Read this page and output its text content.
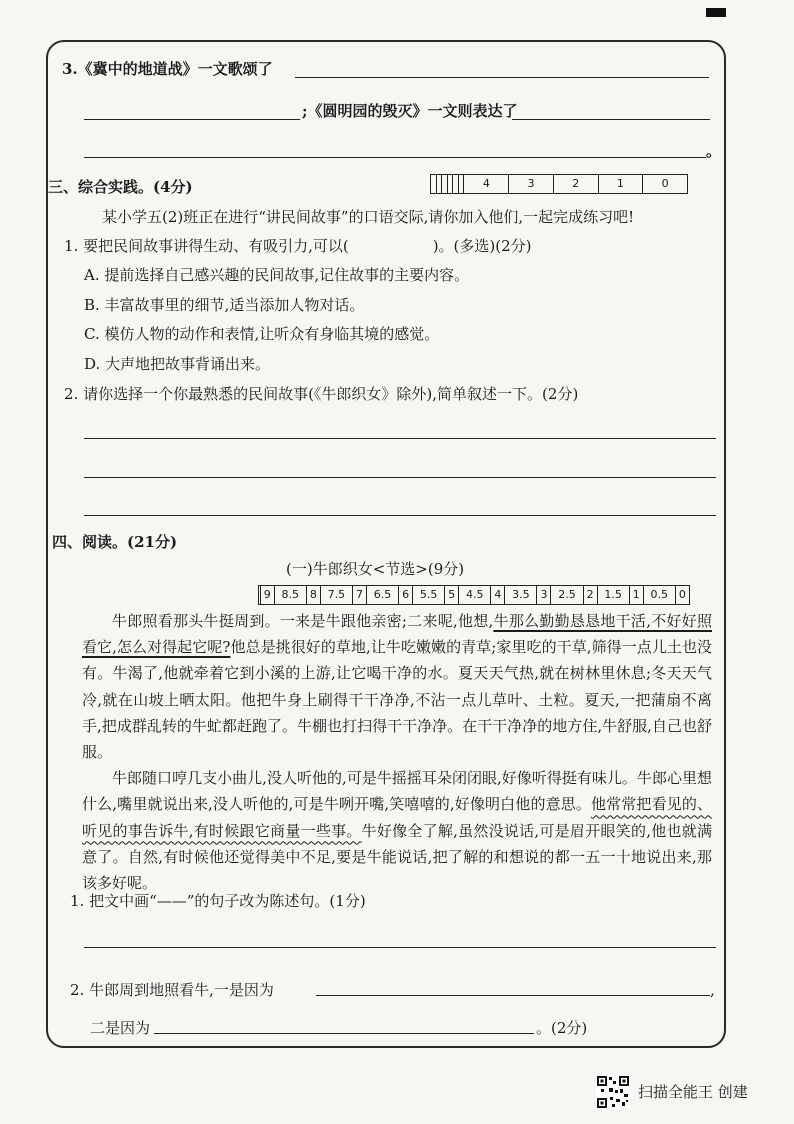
3.《冀中的地道战》一文歌颂了
;《圆明园的毁灭》一文则表达了
。
三、综合实践。(4分)
							4	3	2	1	0
某小学五(2)班正在进行“讲民间故事”的口语交际,请你加入他们,一起完成练习吧!
1. 要把民间故事讲得生动、有吸引力,可以(	)。(多选)(2分)
A. 提前选择自己感兴趣的民间故事,记住故事的主要内容。
B. 丰富故事里的细节,适当添加人物对话。
C. 模仿人物的动作和表情,让听众有身临其境的感觉。
D. 大声地把故事背诵出来。
2. 请你选择一个你最熟悉的民间故事(《牛郎织女》除外),简单叙述一下。(2分)
四、阅读。(21分)
(一)牛郎织女<节选>(9分)
	9	8.5	8	7.5	7	6.5	6	5.5	5	4.5	4	3.5	3	2.5	2	1.5	1	0.5	0

牛郎照看那头牛挺周到。一来是牛跟他亲密;二来呢,他想,牛那么勤勤恳恳地干活,不好好照看它,怎么对得起它呢?他总是挑很好的草地,让牛吃嫩嫩的青草;家里吃的干草,筛得一点儿土也没有。牛渴了,他就牵着它到小溪的上游,让它喝干净的水。夏天天气热,就在树林里休息;冬天天气冷,就在山坡上晒太阳。他把牛身上刷得干干净净,不沾一点儿草叶、土粒。夏天,一把蒲扇不离手,把成群乱转的牛虻都赶跑了。牛棚也打扫得干干净净。在干干净净的地方住,牛舒服,自己也舒服。

牛郎随口哼几支小曲儿,没人听他的,可是牛摇摇耳朵闭闭眼,好像听得挺有味儿。牛郎心里想什么,嘴里就说出来,没人听他的,可是牛咧开嘴,笑嘻嘻的,好像明白他的意思。他常常把看见的、听见的事告诉牛,有时候跟它商量一些事。牛好像全了解,虽然没说话,可是眉开眼笑的,他也就满意了。自然,有时候他还觉得美中不足,要是牛能说话,把了解的和想说的都一五一十地说出来,那该多好呢。

1. 把文中画“——”的句子改为陈述句。(1分)
2. 牛郎周到地照看牛,一是因为	,
二是因为	。(2分)
扫描全能王 创建
